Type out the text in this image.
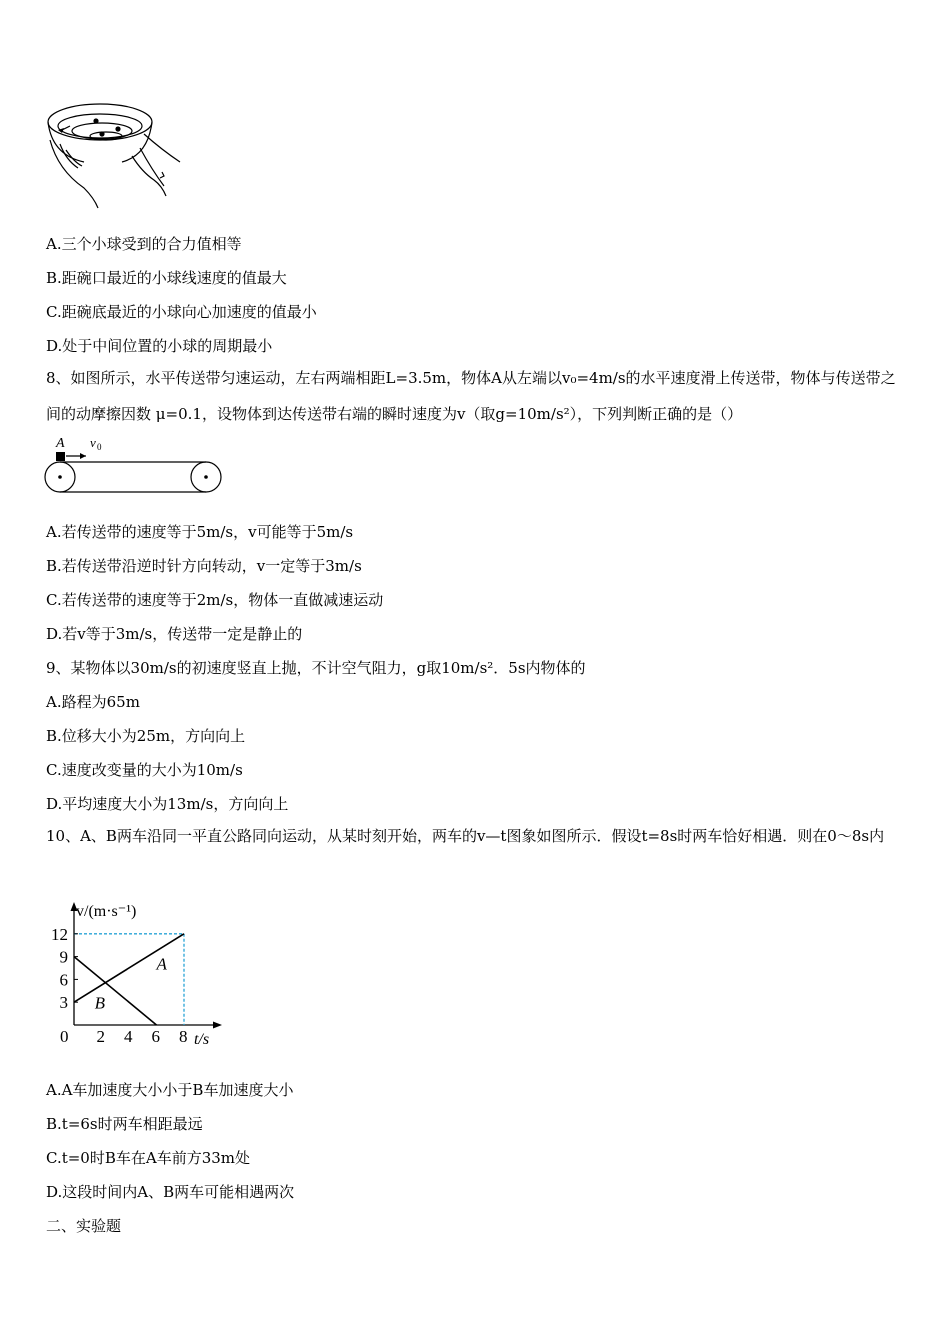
A.三个小球受到的合力值相等
B.距碗口最近的小球线速度的值最大
C.距碗底最近的小球向心加速度的值最小
D.处于中间位置的小球的周期最小
8、如图所示，水平传送带匀速运动，左右两端相距L=3.5m，物体A从左端以v₀=4m/s的水平速度滑上传送带，物体与传送带之间的动摩擦因数 μ=0.1，设物体到达传送带右端的瞬时速度为v（取g=10m/s²），下列判断正确的是（）
A v 0
A.若传送带的速度等于5m/s，v可能等于5m/s
B.若传送带沿逆时针方向转动，v一定等于3m/s
C.若传送带的速度等于2m/s，物体一直做减速运动
D.若v等于3m/s，传送带一定是静止的
9、某物体以30m/s的初速度竖直上抛，不计空气阻力，g取10m/s²．5s内物体的
A.路程为65m
B.位移大小为25m，方向向上
C.速度改变量的大小为10m/s
D.平均速度大小为13m/s，方向向上
10、A、B两车沿同一平直公路同向运动，从某时刻开始，两车的v—t图象如图所示．假设t=8s时两车恰好相遇．则在0～8s内
v/(m·s⁻¹)
t/s
0 2 4 6 8
3
6
9
12
A
B
A.A车加速度大小小于B车加速度大小
B.t=6s时两车相距最远
C.t=0时B车在A车前方33m处
D.这段时间内A、B两车可能相遇两次
二、实验题
